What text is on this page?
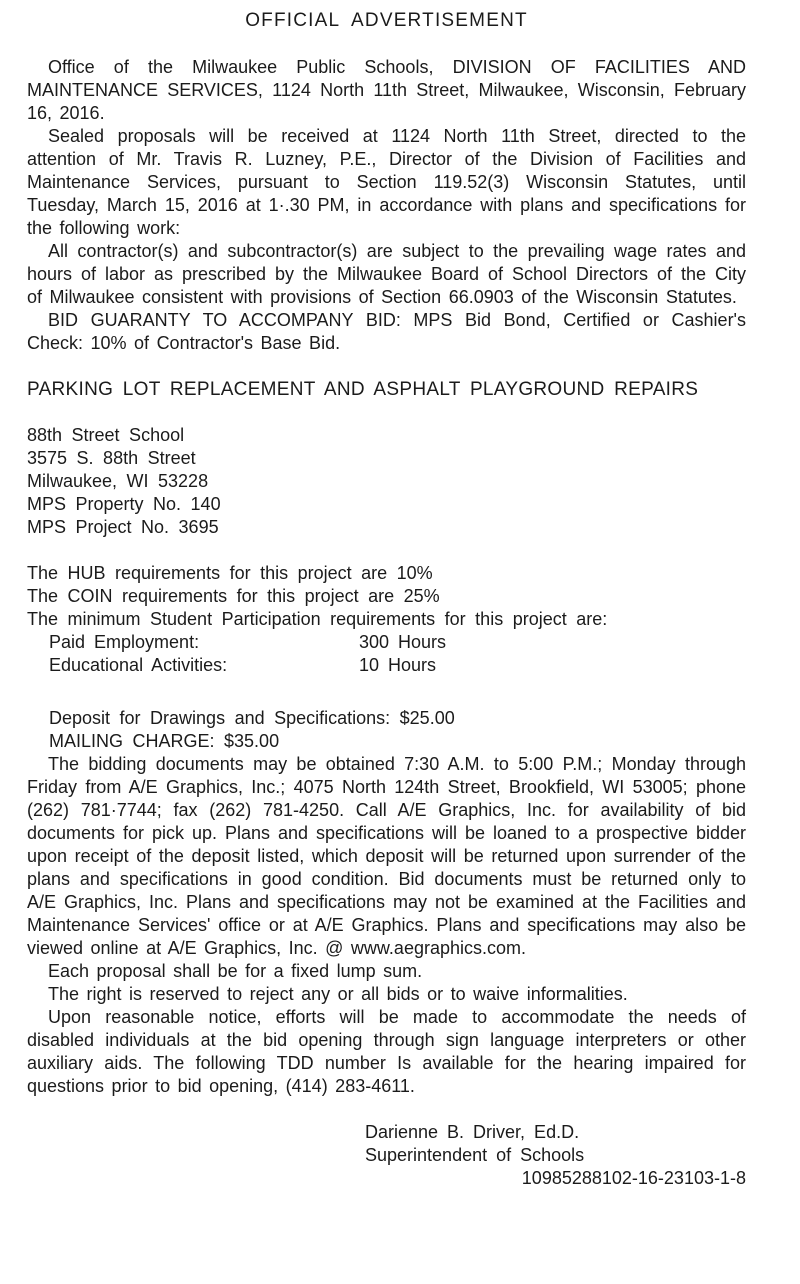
OFFICIAL ADVERTISEMENT

Office of the Milwaukee Public Schools, DIVISION OF FACILITIES AND MAINTENANCE SERVICES, 1124 North 11th Street, Milwaukee, Wisconsin, February 16, 2016.

Sealed proposals will be received at 1124 North 11th Street, directed to the attention of Mr. Travis R. Luzney, P.E., Director of the Division of Facilities and Maintenance Services, pursuant to Section 119.52(3) Wisconsin Statutes, until Tuesday, March 15, 2016 at 1·.30 PM, in accordance with plans and specifications for the following work:

All contractor(s) and subcontractor(s) are subject to the prevailing wage rates and hours of labor as prescribed by the Milwaukee Board of School Directors of the City of Milwaukee consistent with provisions of Section 66.0903 of the Wisconsin Statutes.

BID GUARANTY TO ACCOMPANY BID: MPS Bid Bond, Certified or Cashier's Check: 10% of Contractor's Base Bid.

PARKING LOT REPLACEMENT AND ASPHALT PLAYGROUND REPAIRS
88th Street School
3575 S. 88th Street
Milwaukee, WI 53228
MPS Property No. 140
MPS Project No. 3695
The HUB requirements for this project are 10%
The COIN requirements for this project are 25%
The minimum Student Participation requirements for this project are:
Paid Employment:	300 Hours
Educational Activities:	10 Hours
Deposit for Drawings and Specifications: $25.00
MAILING CHARGE: $35.00

The bidding documents may be obtained 7:30 A.M. to 5:00 P.M.; Monday through Friday from A/E Graphics, Inc.; 4075 North 124th Street, Brookfield, WI 53005; phone (262) 781·7744; fax (262) 781-4250. Call A/E Graphics, Inc. for availability of bid documents for pick up. Plans and specifications will be loaned to a prospective bidder upon receipt of the deposit listed, which deposit will be returned upon surrender of the plans and specifications in good condition. Bid documents must be returned only to A/E Graphics, Inc. Plans and specifications may not be examined at the Facilities and Maintenance Services' office or at A/E Graphics. Plans and specifications may also be viewed online at A/E Graphics, Inc. @ www.aegraphics.com.

Each proposal shall be for a fixed lump sum.

The right is reserved to reject any or all bids or to waive informalities.

Upon reasonable notice, efforts will be made to accommodate the needs of disabled individuals at the bid opening through sign language interpreters or other auxiliary aids. The following TDD number Is available for the hearing impaired for questions prior to bid opening, (414) 283-4611.

Darienne B. Driver, Ed.D.
Superintendent of Schools
10985288102-16-23103-1-8
